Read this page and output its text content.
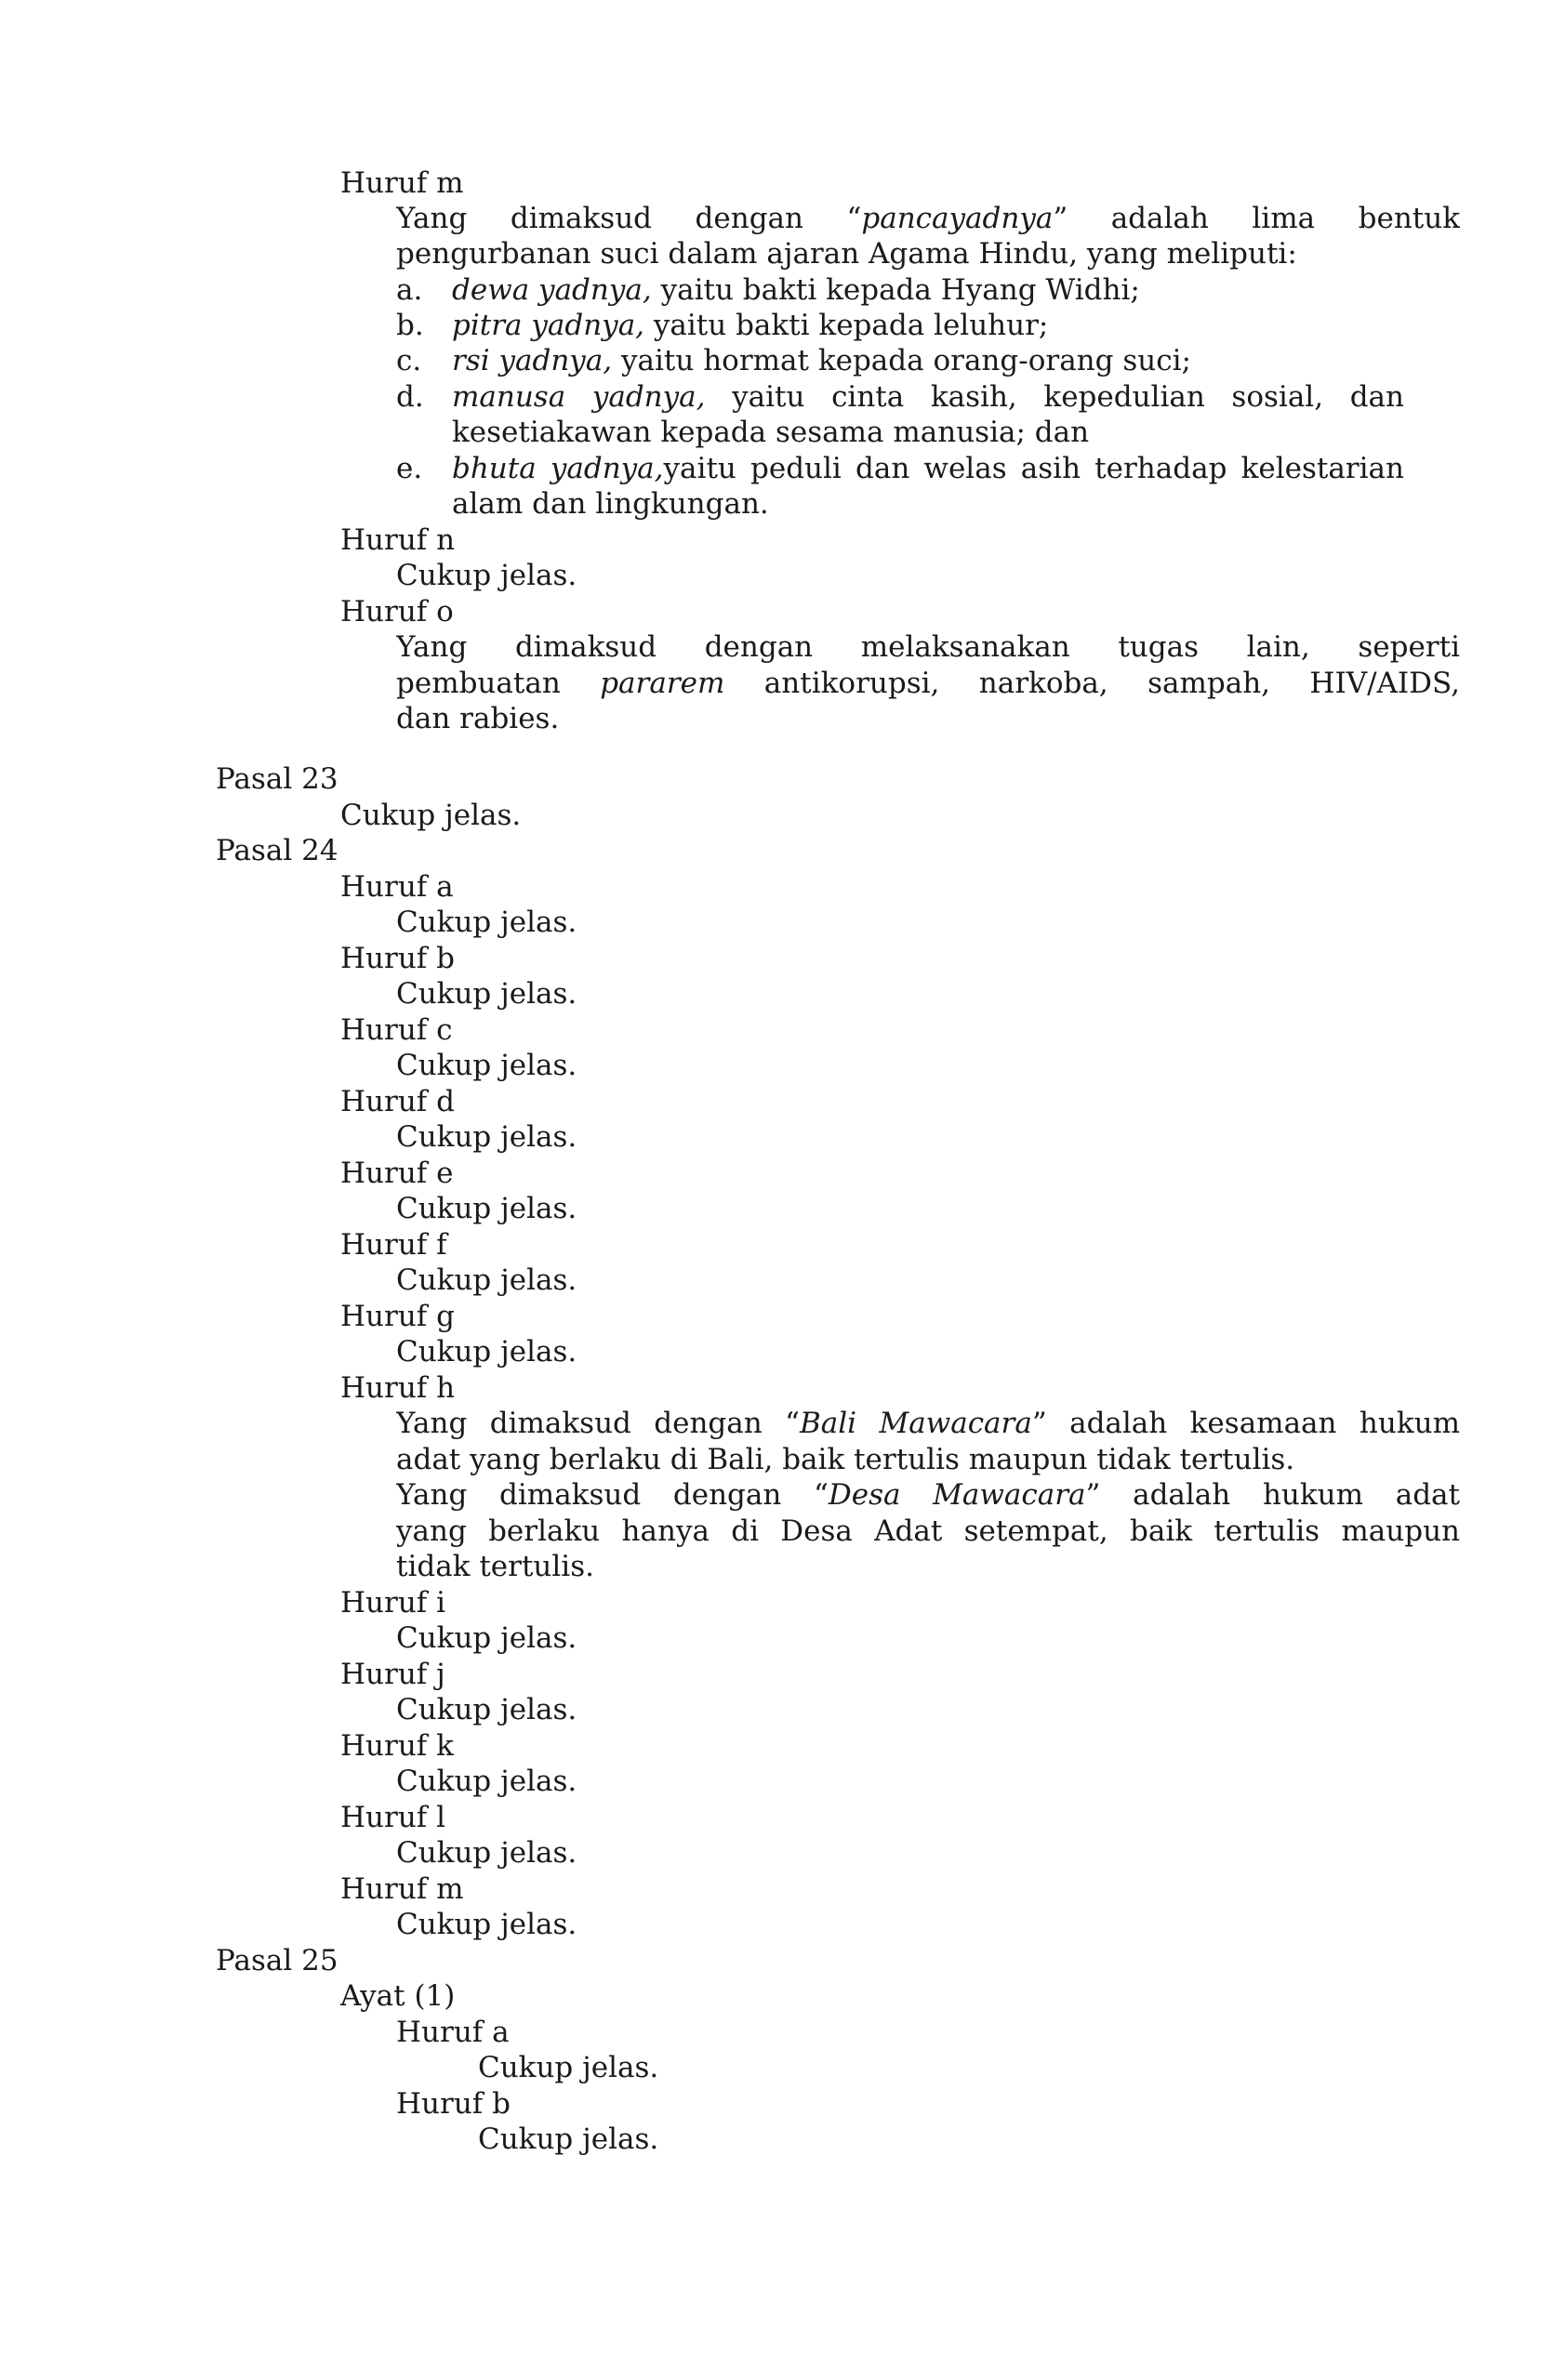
Huruf m

Yang dimaksud dengan “pancayadnya” adalah lima bentuk

pengurbanan suci dalam ajaran Agama Hindu, yang meliputi:

a. dewa yadnya, yaitu bakti kepada Hyang Widhi;

b. pitra yadnya, yaitu bakti kepada leluhur;

c. rsi yadnya, yaitu hormat kepada orang-orang suci;

d. manusa yadnya, yaitu cinta kasih, kepedulian sosial, dan

kesetiakawan kepada sesama manusia; dan

e. bhuta yadnya,yaitu peduli dan welas asih terhadap kelestarian

alam dan lingkungan.

Huruf n

Cukup jelas.

Huruf o

Yang dimaksud dengan melaksanakan tugas lain, seperti

pembuatan pararem antikorupsi, narkoba, sampah, HIV/AIDS,

dan rabies.

Pasal 23

Cukup jelas.

Pasal 24

Huruf a

Cukup jelas.

Huruf b

Cukup jelas.

Huruf c

Cukup jelas.

Huruf d

Cukup jelas.

Huruf e

Cukup jelas.

Huruf f

Cukup jelas.

Huruf g

Cukup jelas.

Huruf h

Yang dimaksud dengan “Bali Mawacara” adalah kesamaan hukum

adat yang berlaku di Bali, baik tertulis maupun tidak tertulis.

Yang dimaksud dengan “Desa Mawacara” adalah hukum adat

yang berlaku hanya di Desa Adat setempat, baik tertulis maupun

tidak tertulis.

Huruf i

Cukup jelas.

Huruf j

Cukup jelas.

Huruf k

Cukup jelas.

Huruf l

Cukup jelas.

Huruf m

Cukup jelas.

Pasal 25

Ayat (1)

Huruf a

Cukup jelas.

Huruf b

Cukup jelas.
